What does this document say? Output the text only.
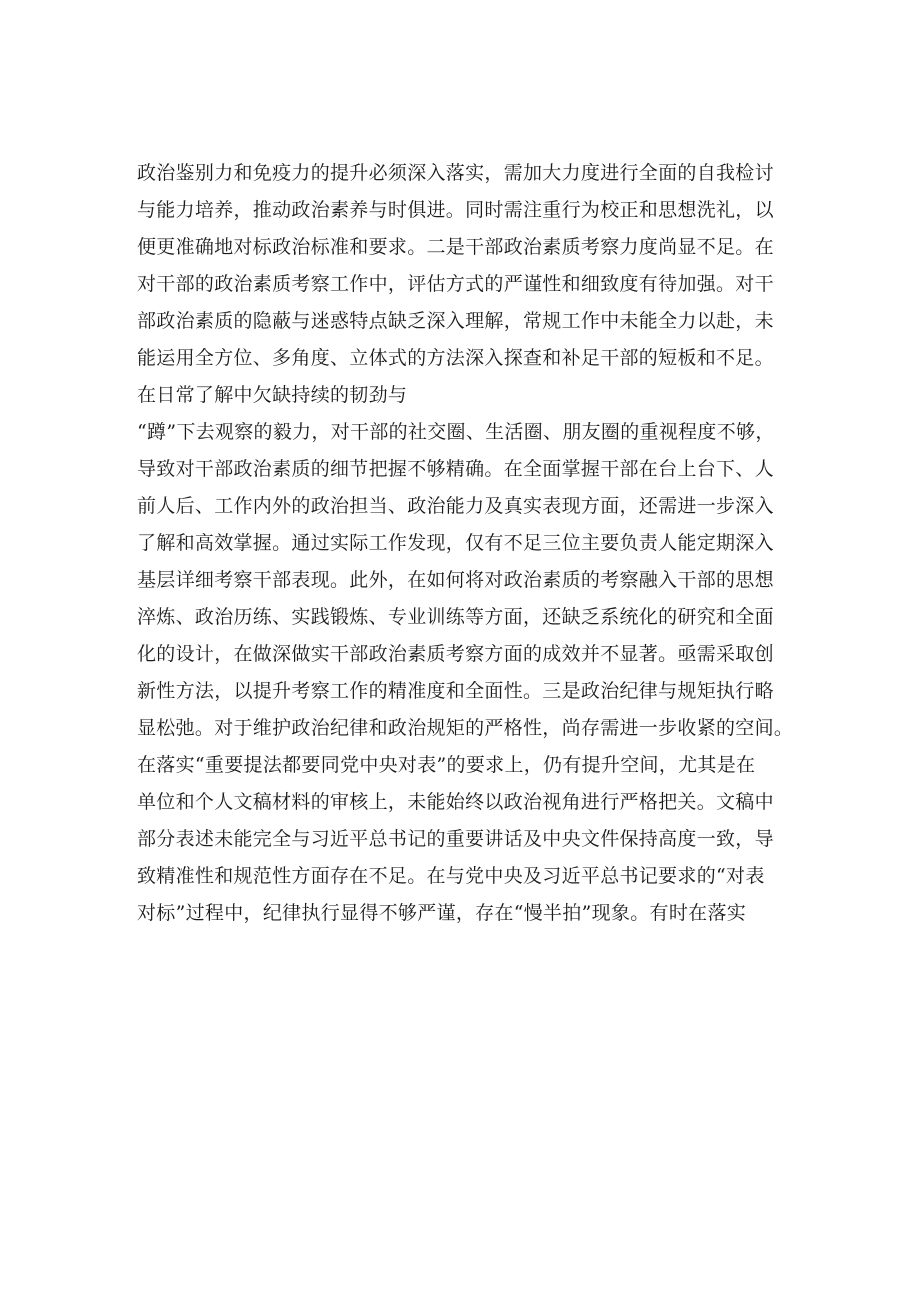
政治鉴别力和免疫力的提升必须深入落实，需加大力度进行全面的自我检讨
与能力培养，推动政治素养与时俱进。同时需注重行为校正和思想洗礼，以
便更准确地对标政治标准和要求。二是干部政治素质考察力度尚显不足。在
对干部的政治素质考察工作中，评估方式的严谨性和细致度有待加强。对干
部政治素质的隐蔽与迷惑特点缺乏深入理解，常规工作中未能全力以赴，未
能运用全方位、多角度、立体式的方法深入探查和补足干部的短板和不足。
在日常了解中欠缺持续的韧劲与
“蹲”下去观察的毅力，对干部的社交圈、生活圈、朋友圈的重视程度不够，
导致对干部政治素质的细节把握不够精确。在全面掌握干部在台上台下、人
前人后、工作内外的政治担当、政治能力及真实表现方面，还需进一步深入
了解和高效掌握。通过实际工作发现，仅有不足三位主要负责人能定期深入
基层详细考察干部表现。此外，在如何将对政治素质的考察融入干部的思想
淬炼、政治历练、实践锻炼、专业训练等方面，还缺乏系统化的研究和全面
化的设计，在做深做实干部政治素质考察方面的成效并不显著。亟需采取创
新性方法，以提升考察工作的精准度和全面性。三是政治纪律与规矩执行略
显松弛。对于维护政治纪律和政治规矩的严格性，尚存需进一步收紧的空间。
在落实“重要提法都要同党中央对表”的要求上，仍有提升空间，尤其是在
单位和个人文稿材料的审核上，未能始终以政治视角进行严格把关。文稿中
部分表述未能完全与习近平总书记的重要讲话及中央文件保持高度一致，导
致精准性和规范性方面存在不足。在与党中央及习近平总书记要求的“对表
对标”过程中，纪律执行显得不够严谨，存在“慢半拍”现象。有时在落实
